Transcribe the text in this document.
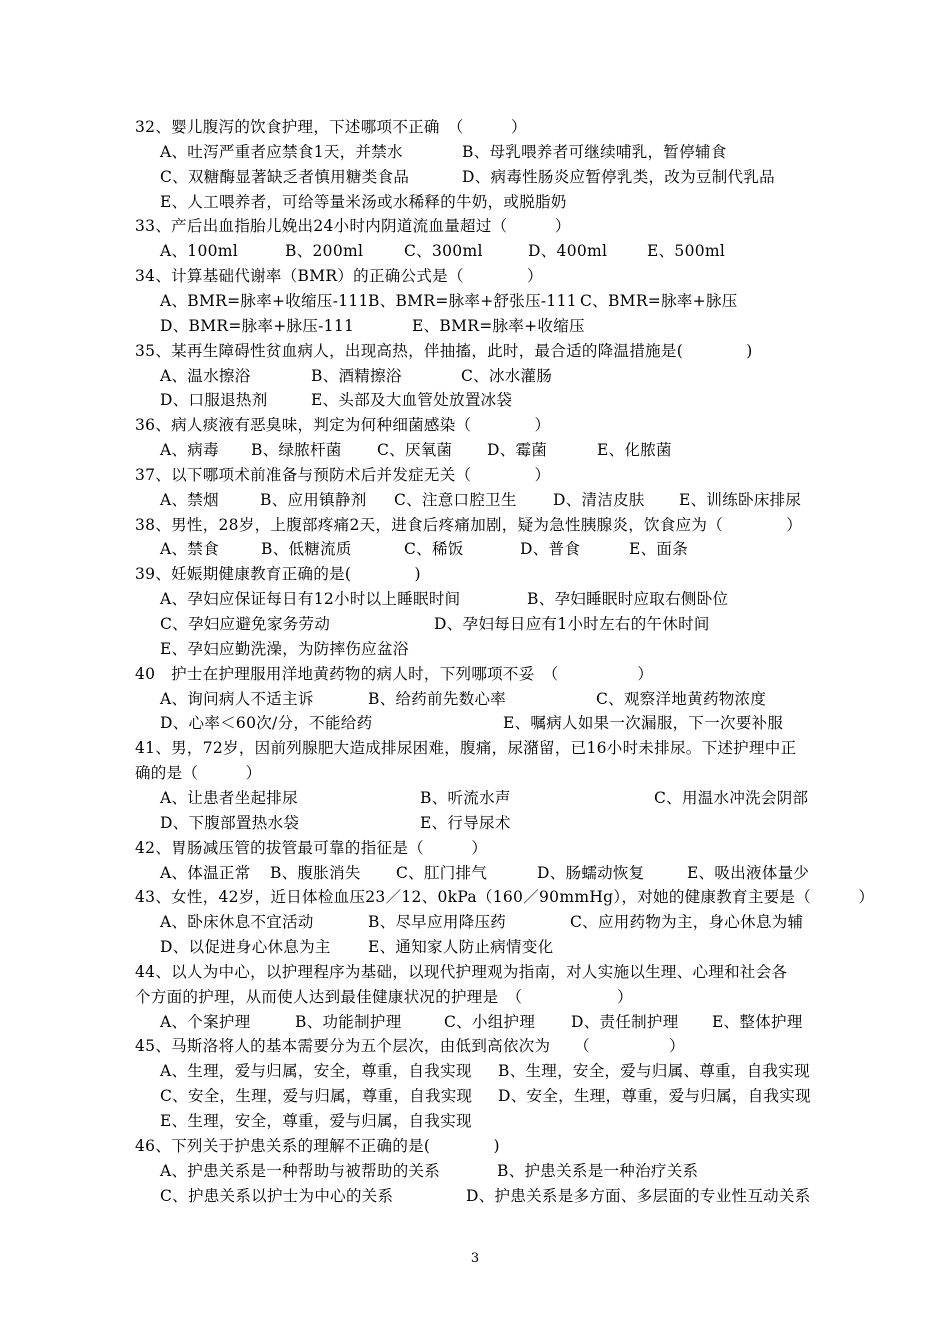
32、婴儿腹泻的饮食护理，下述哪项不正确　（　　　）
A、吐泻严重者应禁食1天，并禁水	B、母乳喂养者可继续哺乳，暂停辅食
C、双糖酶显著缺乏者慎用糖类食品	D、病毒性肠炎应暂停乳类，改为豆制代乳品
E、人工喂养者，可给等量米汤或水稀释的牛奶，或脱脂奶
33、产后出血指胎儿娩出24小时内阴道流血量超过（　　　）
A、100ml	B、200ml	C、300ml	D、400ml	E、500ml
34、计算基础代谢率（BMR）的正确公式是（　　　　）
A、BMR=脉率+收缩压-111 B、BMR=脉率+舒张压-111 C、BMR=脉率+脉压
D、BMR=脉率+脉压-111	E、BMR=脉率+收缩压
35、某再生障碍性贫血病人，出现高热，伴抽搐，此时，最合适的降温措施是(　　　　)
A、温水擦浴	B、酒精擦浴	C、冰水灌肠
D、口服退热剂	E、头部及大血管处放置冰袋
36、病人痰液有恶臭味，判定为何种细菌感染（　　　　）
A、病毒 B、绿脓杆菌 C、厌氧菌 D、霉菌	E、化脓菌
37、以下哪项术前准备与预防术后并发症无关（　　　　）
A、禁烟	B、应用镇静剂 C、注意口腔卫生 D、清洁皮肤 E、训练卧床排尿
38、男性，28岁，上腹部疼痛2天，进食后疼痛加剧，疑为急性胰腺炎，饮食应为（　　　　）
A、禁食	B、低糖流质	C、稀饭	D、普食	E、面条
39、妊娠期健康教育正确的是(　　　　)
A、孕妇应保证每日有12小时以上睡眠时间	B、孕妇睡眠时应取右侧卧位
C、孕妇应避免家务劳动	D、孕妇每日应有1小时左右的午休时间
E、孕妇应勤洗澡，为防摔伤应盆浴
40　护士在护理服用洋地黄药物的病人时，下列哪项不妥　（　　　　　）
A、询问病人不适主诉	B、给药前先数心率	C、观察洋地黄药物浓度
D、心率＜60次/分，不能给药	E、嘱病人如果一次漏服，下一次要补服
41、男，72岁，因前列腺肥大造成排尿困难，腹痛，尿潴留，已16小时未排尿。下述护理中正
确的是（　　　）
A、让患者坐起排尿	B、听流水声	C、用温水冲洗会阴部
D、下腹部置热水袋	E、行导尿术
42、胃肠减压管的拔管最可靠的指征是（　　　）
A、体温正常 B、腹胀消失 C、肛门排气	D、肠蠕动恢复	E、吸出液体量少
43、女性，42岁，近日体检血压23／12、0kPa（160／90mmHg），对她的健康教育主要是（　　　）
A、卧床休息不宜活动	B、尽早应用降压药	C、应用药物为主，身心休息为辅
D、以促进身心休息为主 E、通知家人防止病情变化
44、以人为中心，以护理程序为基础，以现代护理观为指南，对人实施以生理、心理和社会各
个方面的护理，从而使人达到最佳健康状况的护理是　（　　　　　　）
A、个案护理	B、功能制护理	C、小组护理 D、责任制护理 E、整体护理
45、马斯洛将人的基本需要分为五个层次，由低到高依次为　　（　　　　　）
A、生理，爱与归属，安全，尊重，自我实现 B、生理，安全，爱与归属、尊重，自我实现
C、安全，生理，爱与归属，尊重，自我实现 D、安全，生理，尊重，爱与归属，自我实现
E、生理，安全，尊重，爱与归属，自我实现
46、下列关于护患关系的理解不正确的是(　　　　)
A、护患关系是一种帮助与被帮助的关系	B、护患关系是一种治疗关系
C、护患关系以护士为中心的关系	D、护患关系是多方面、多层面的专业性互动关系
3
